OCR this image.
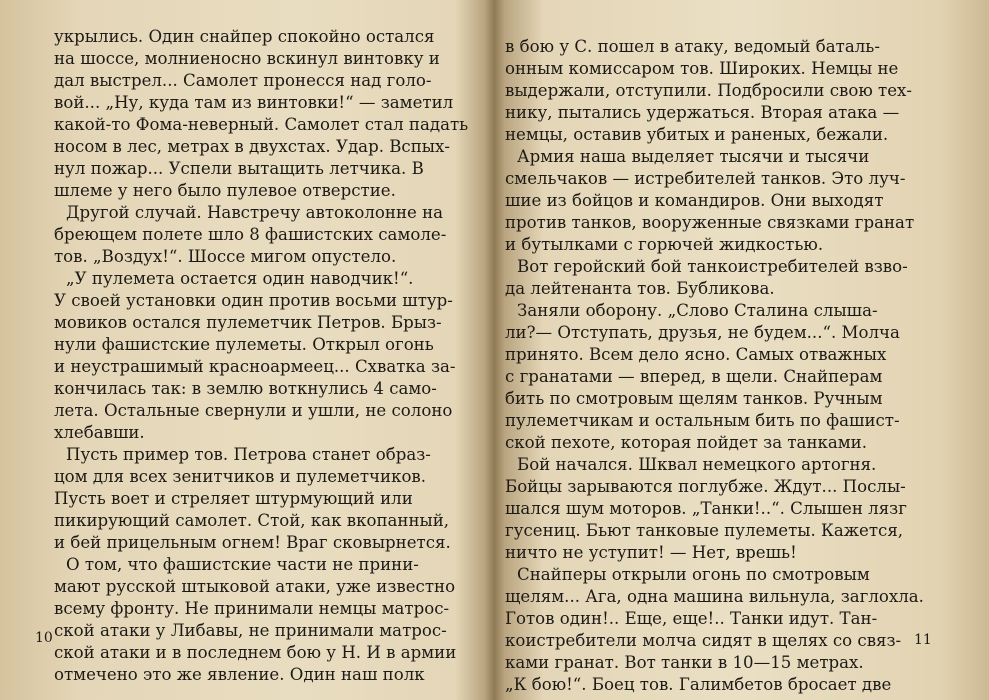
укрылись. Один снайпер спокойно остался
на шоссе, молниеносно вскинул винтовку и
дал выстрел... Самолет пронесся над голо-
вой... „Ну, куда там из винтовки!“ — заметил
какой-то Фома-неверный. Самолет стал падать
носом в лес, метрах в двухстах. Удар. Вспых-
нул пожар... Успели вытащить летчика. В
шлеме у него было пулевое отверстие.
Другой случай. Навстречу автоколонне на
бреющем полете шло 8 фашистских самоле-
тов. „Воздух!“. Шоссе мигом опустело.
„У пулемета остается один наводчик!“.
У своей установки один против восьми штур-
мовиков остался пулеметчик Петров. Брыз-
нули фашистские пулеметы. Открыл огонь
и неустрашимый красноармеец... Схватка за-
кончилась так: в землю воткнулись 4 само-
лета. Остальные свернули и ушли, не солоно
хлебавши.
Пусть пример тов. Петрова станет образ-
цом для всех зенитчиков и пулеметчиков.
Пусть воет и стреляет штурмующий или
пикирующий самолет. Стой, как вкопанный,
и бей прицельным огнем! Враг сковырнется.
О том, что фашистские части не прини-
мают русской штыковой атаки, уже известно
всему фронту. Не принимали немцы матрос-
ской атаки у Либавы, не принимали матрос-
ской атаки и в последнем бою у Н. И в армии
отмечено это же явление. Один наш полк
в бою у С. пошел в атаку, ведомый баталь-
онным комиссаром тов. Широких. Немцы не
выдержали, отступили. Подбросили свою тех-
нику, пытались удержаться. Вторая атака —
немцы, оставив убитых и раненых, бежали.
Армия наша выделяет тысячи и тысячи
смельчаков — истребителей танков. Это луч-
шие из бойцов и командиров. Они выходят
против танков, вооруженные связками гранат
и бутылками с горючей жидкостью.
Вот геройский бой танкоистребителей взво-
да лейтенанта тов. Бубликова.
Заняли оборону. „Слово Сталина слыша-
ли?— Отступать, друзья, не будем...“. Молча
принято. Всем дело ясно. Самых отважных
с гранатами — вперед, в щели. Снайперам
бить по смотровым щелям танков. Ручным
пулеметчикам и остальным бить по фашист-
ской пехоте, которая пойдет за танками.
Бой начался. Шквал немецкого артогня.
Бойцы зарываются поглубже. Ждут... Послы-
шался шум моторов. „Танки!..“. Слышен лязг
гусениц. Бьют танковые пулеметы. Кажется,
ничто не уступит! — Нет, врешь!
Снайперы открыли огонь по смотровым
щелям... Ага, одна машина вильнула, заглохла.
Готов один!.. Еще, еще!.. Танки идут. Тан-
коистребители молча сидят в щелях со связ-
ками гранат. Вот танки в 10—15 метрах.
„К бою!“. Боец тов. Галимбетов бросает две
10	11
